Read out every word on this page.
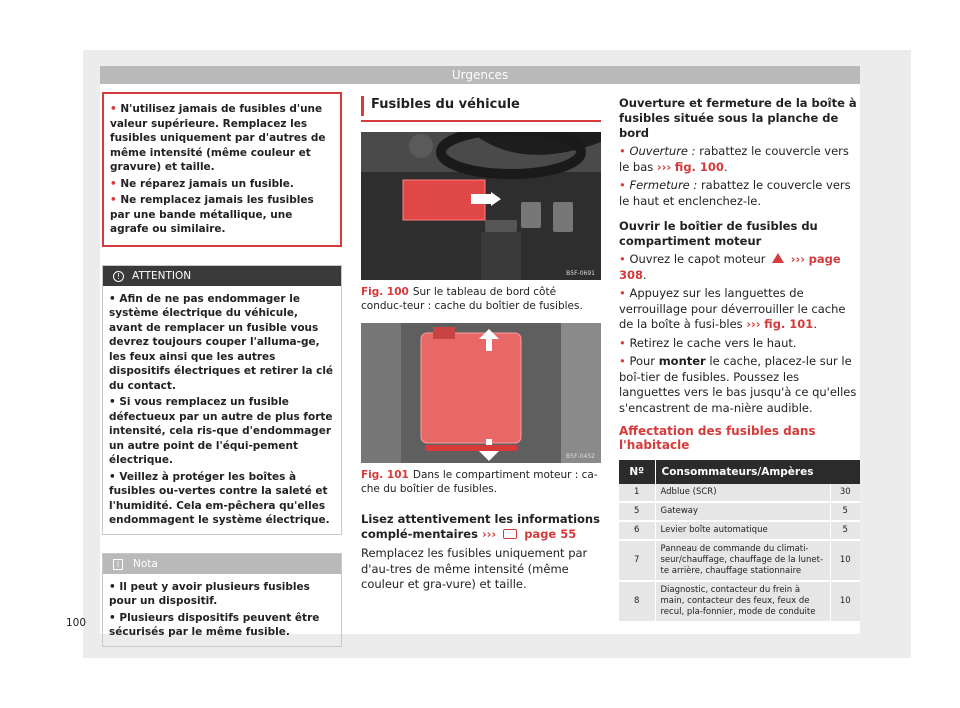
Urgences
• N'utilisez jamais de fusibles d'une valeur supérieure. Remplacez les fusibles uniquement par d'autres de même intensité (même couleur et gravure) et taille.
• Ne réparez jamais un fusible.
• Ne remplacez jamais les fusibles par une bande métallique, une agrafe ou similaire.
! ATTENTION
• Afin de ne pas endommager le système électrique du véhicule, avant de remplacer un fusible vous devrez toujours couper l'alluma-ge, les feux ainsi que les autres dispositifs électriques et retirer la clé du contact.
• Si vous remplacez un fusible défectueux par un autre de plus forte intensité, cela ris-que d'endommager un autre point de l'équi-pement électrique.
• Veillez à protéger les boîtes à fusibles ou-vertes contre la saleté et l'humidité. Cela em-pêchera qu'elles endommagent le système électrique.
i Nota
• Il peut y avoir plusieurs fusibles pour un dispositif.
• Plusieurs dispositifs peuvent être sécurisés par le même fusible.
Fusibles du véhicule
B5F-0691
Fig. 100 Sur le tableau de bord côté conduc-teur : cache du boîtier de fusibles.
B5F-0452
Fig. 101 Dans le compartiment moteur : ca-che du boîtier de fusibles.
Lisez attentivement les informations complé-mentaires ››› page 55
Remplacez les fusibles uniquement par d'au-tres de même intensité (même couleur et gra-vure) et taille.
Ouverture et fermeture de la boîte à fusibles située sous la planche de bord
• Ouverture : rabattez le couvercle vers le bas ››› fig. 100.
• Fermeture : rabattez le couvercle vers le haut et enclenchez-le.
Ouvrir le boîtier de fusibles du compartiment moteur
• Ouvrez le capot moteur ››› page 308.
• Appuyez sur les languettes de verrouillage pour déverrouiller le cache de la boîte à fusi-bles ››› fig. 101.
• Retirez le cache vers le haut.
• Pour monter le cache, placez-le sur le boî-tier de fusibles. Poussez les languettes vers le bas jusqu'à ce qu'elles s'encastrent de ma-nière audible.
Affectation des fusibles dans l'habitacle
Nº	Consommateurs/Ampères	
1	Adblue (SCR)	30
5	Gateway	5
6	Levier boîte automatique	5
7	Panneau de commande du climati-seur/chauffage, chauffage de la lunet-te arrière, chauffage stationnaire	10
8	Diagnostic, contacteur du frein à main, contacteur des feux, feux de recul, pla-fonnier, mode de conduite	10
100
